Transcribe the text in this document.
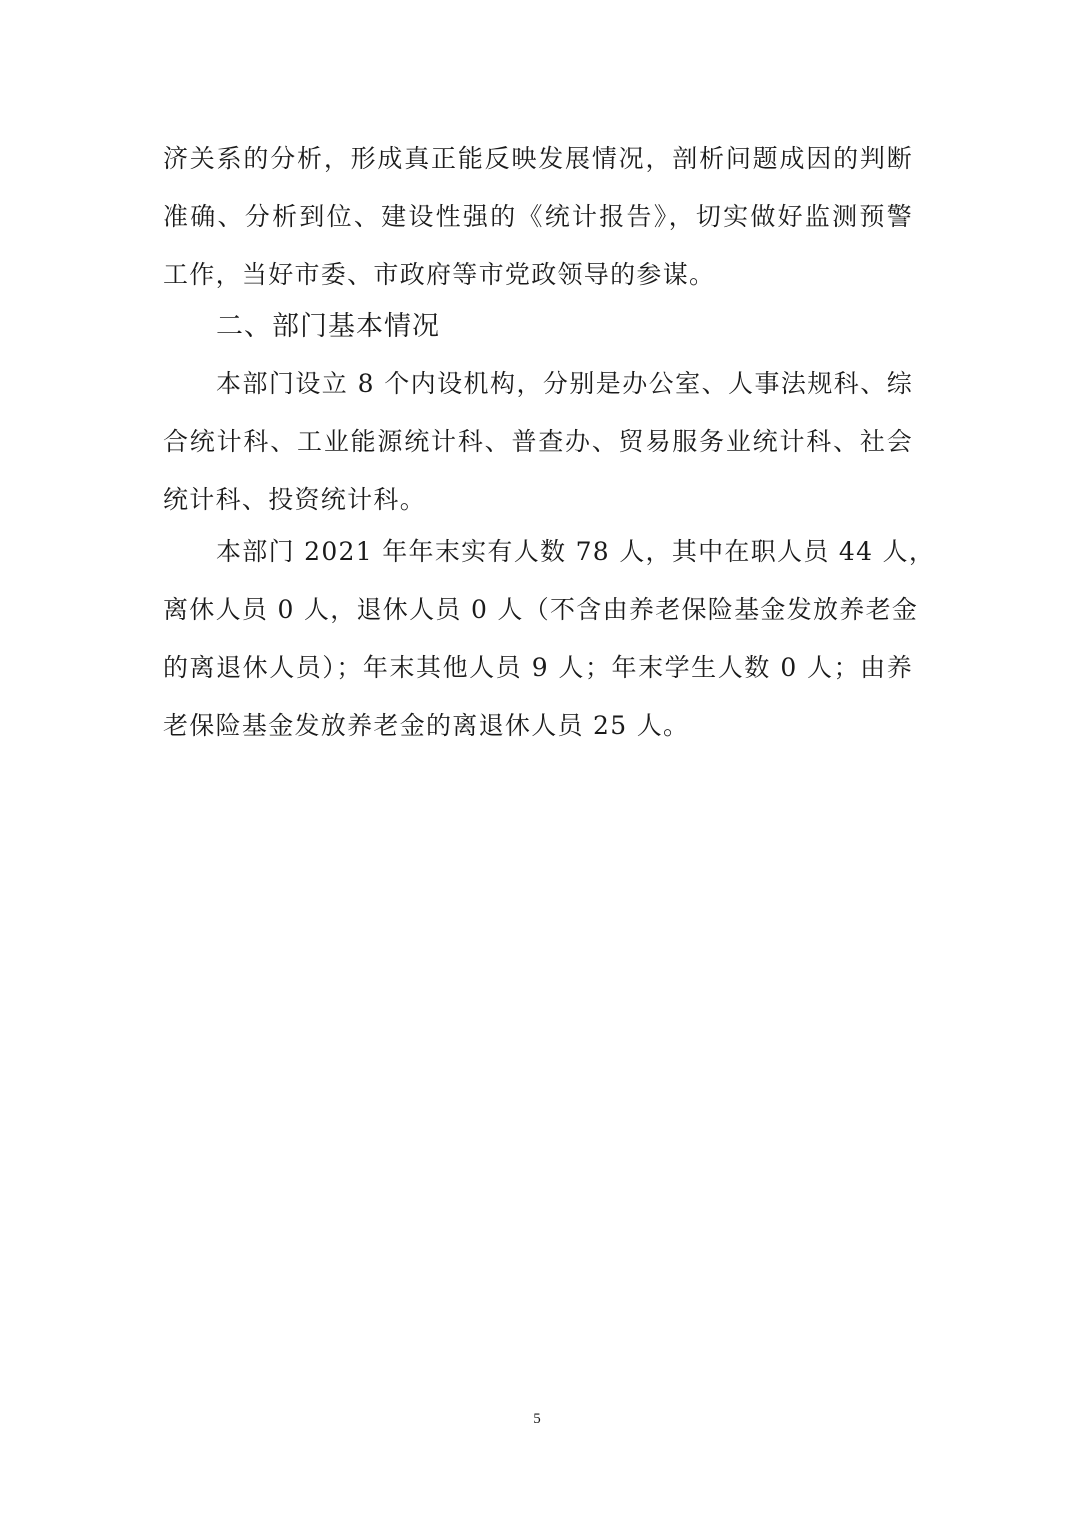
济关系的分析，形成真正能反映发展情况，剖析问题成因的判断
准确、分析到位、建设性强的《统计报告》，切实做好监测预警
工作，当好市委、市政府等市党政领导的参谋。
二、部门基本情况
本部门设立 8 个内设机构，分别是办公室、人事法规科、综
合统计科、工业能源统计科、普查办、贸易服务业统计科、社会
统计科、投资统计科。
本部门 2021 年年末实有人数 78 人，其中在职人员 44 人，
离休人员 0 人，退休人员 0 人（不含由养老保险基金发放养老金
的离退休人员）；年末其他人员 9 人；年末学生人数 0 人；由养
老保险基金发放养老金的离退休人员 25 人。
5
